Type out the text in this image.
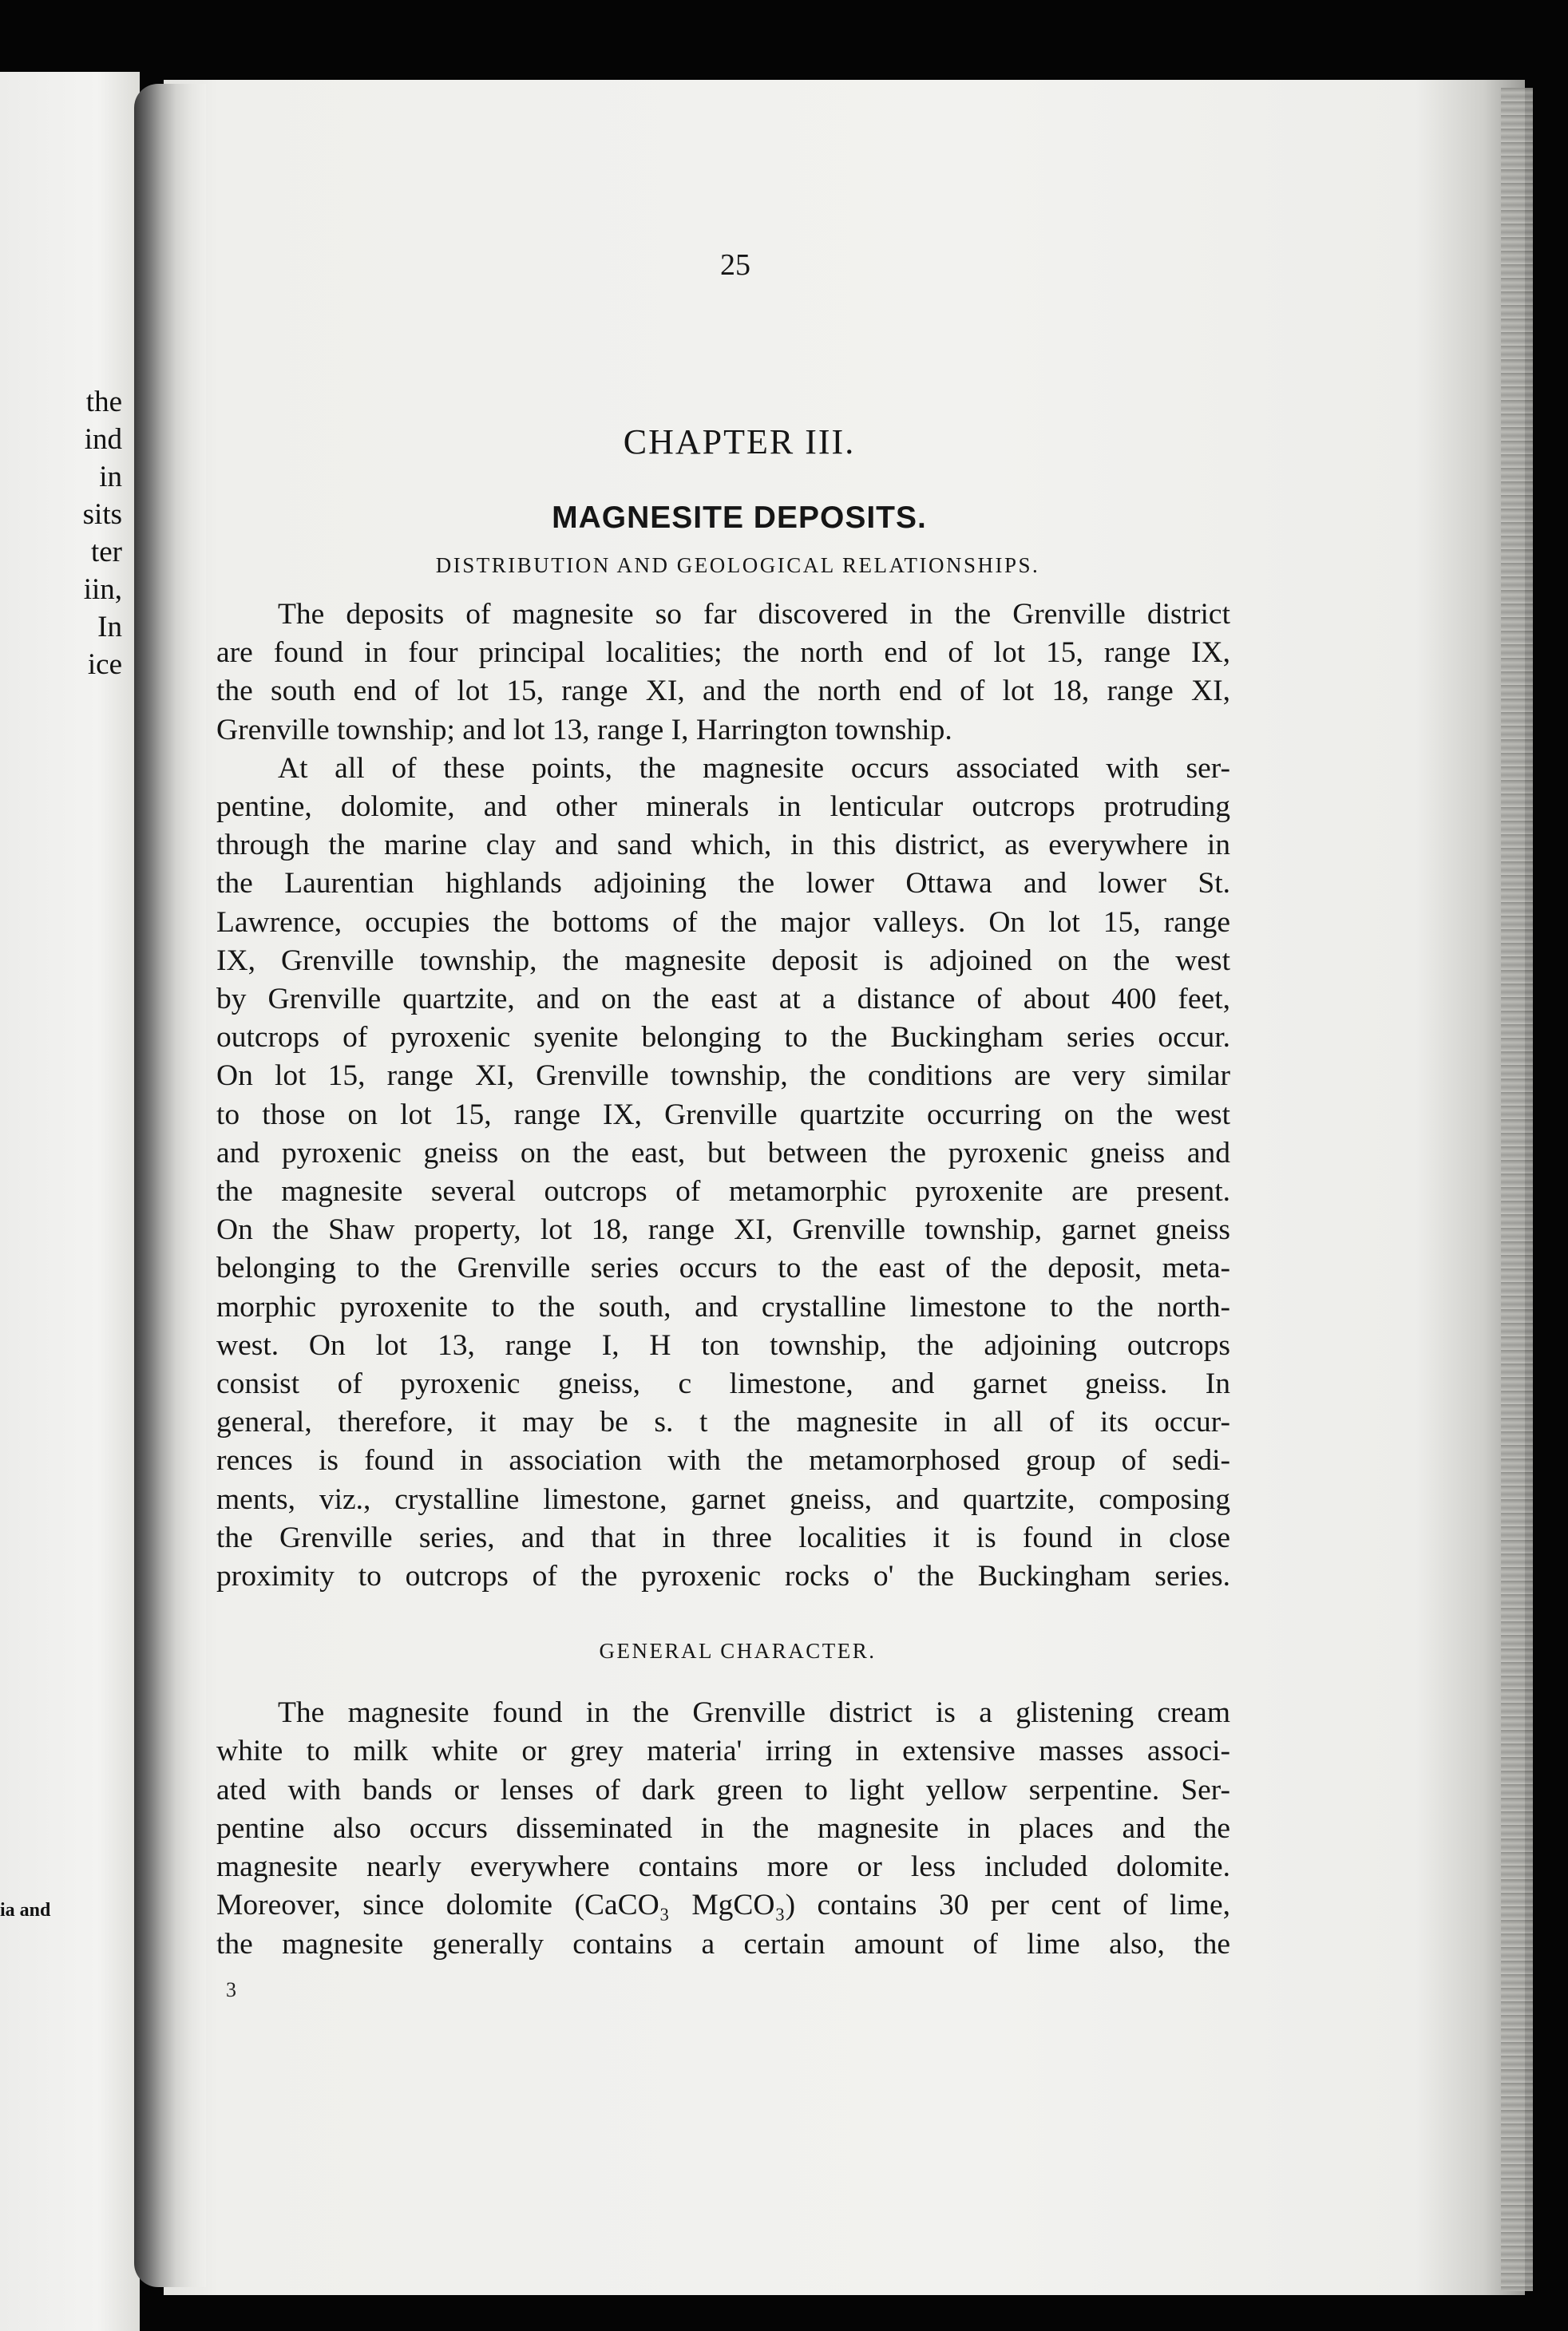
the
ind
in
sits
ter
iin,
In
ice
ia and
25
CHAPTER III.
MAGNESITE DEPOSITS.
DISTRIBUTION AND GEOLOGICAL RELATIONSHIPS.
The deposits of magnesite so far discovered in the Grenville district
are found in four principal localities; the north end of lot 15, range IX,
the south end of lot 15, range XI, and the north end of lot 18, range XI,
Grenville township; and lot 13, range I, Harrington township.
At all of these points, the magnesite occurs associated with ser-
pentine, dolomite, and other minerals in lenticular outcrops protruding
through the marine clay and sand which, in this district, as everywhere in
the Laurentian highlands adjoining the lower Ottawa and lower St.
Lawrence, occupies the bottoms of the major valleys. On lot 15, range
IX, Grenville township, the magnesite deposit is adjoined on the west
by Grenville quartzite, and on the east at a distance of about 400 feet,
outcrops of pyroxenic syenite belonging to the Buckingham series occur.
On lot 15, range XI, Grenville township, the conditions are very similar
to those on lot 15, range IX, Grenville quartzite occurring on the west
and pyroxenic gneiss on the east, but between the pyroxenic gneiss and
the magnesite several outcrops of metamorphic pyroxenite are present.
On the Shaw property, lot 18, range XI, Grenville township, garnet gneiss
belonging to the Grenville series occurs to the east of the deposit, meta-
morphic pyroxenite to the south, and crystalline limestone to the north-
west. On lot 13, range I, H ton township, the adjoining outcrops
consist of pyroxenic gneiss, c limestone, and garnet gneiss. In
general, therefore, it may be s. t the magnesite in all of its occur-
rences is found in association with the metamorphosed group of sedi-
ments, viz., crystalline limestone, garnet gneiss, and quartzite, composing
the Grenville series, and that in three localities it is found in close
proximity to outcrops of the pyroxenic rocks o' the Buckingham series.
GENERAL CHARACTER.
The magnesite found in the Grenville district is a glistening cream
white to milk white or grey materia' irring in extensive masses associ-
ated with bands or lenses of dark green to light yellow serpentine. Ser-
pentine also occurs disseminated in the magnesite in places and the
magnesite nearly everywhere contains more or less included dolomite.
Moreover, since dolomite (CaCO₃ MgCO₃) contains 30 per cent of lime,
the magnesite generally contains a certain amount of lime also, the
3
